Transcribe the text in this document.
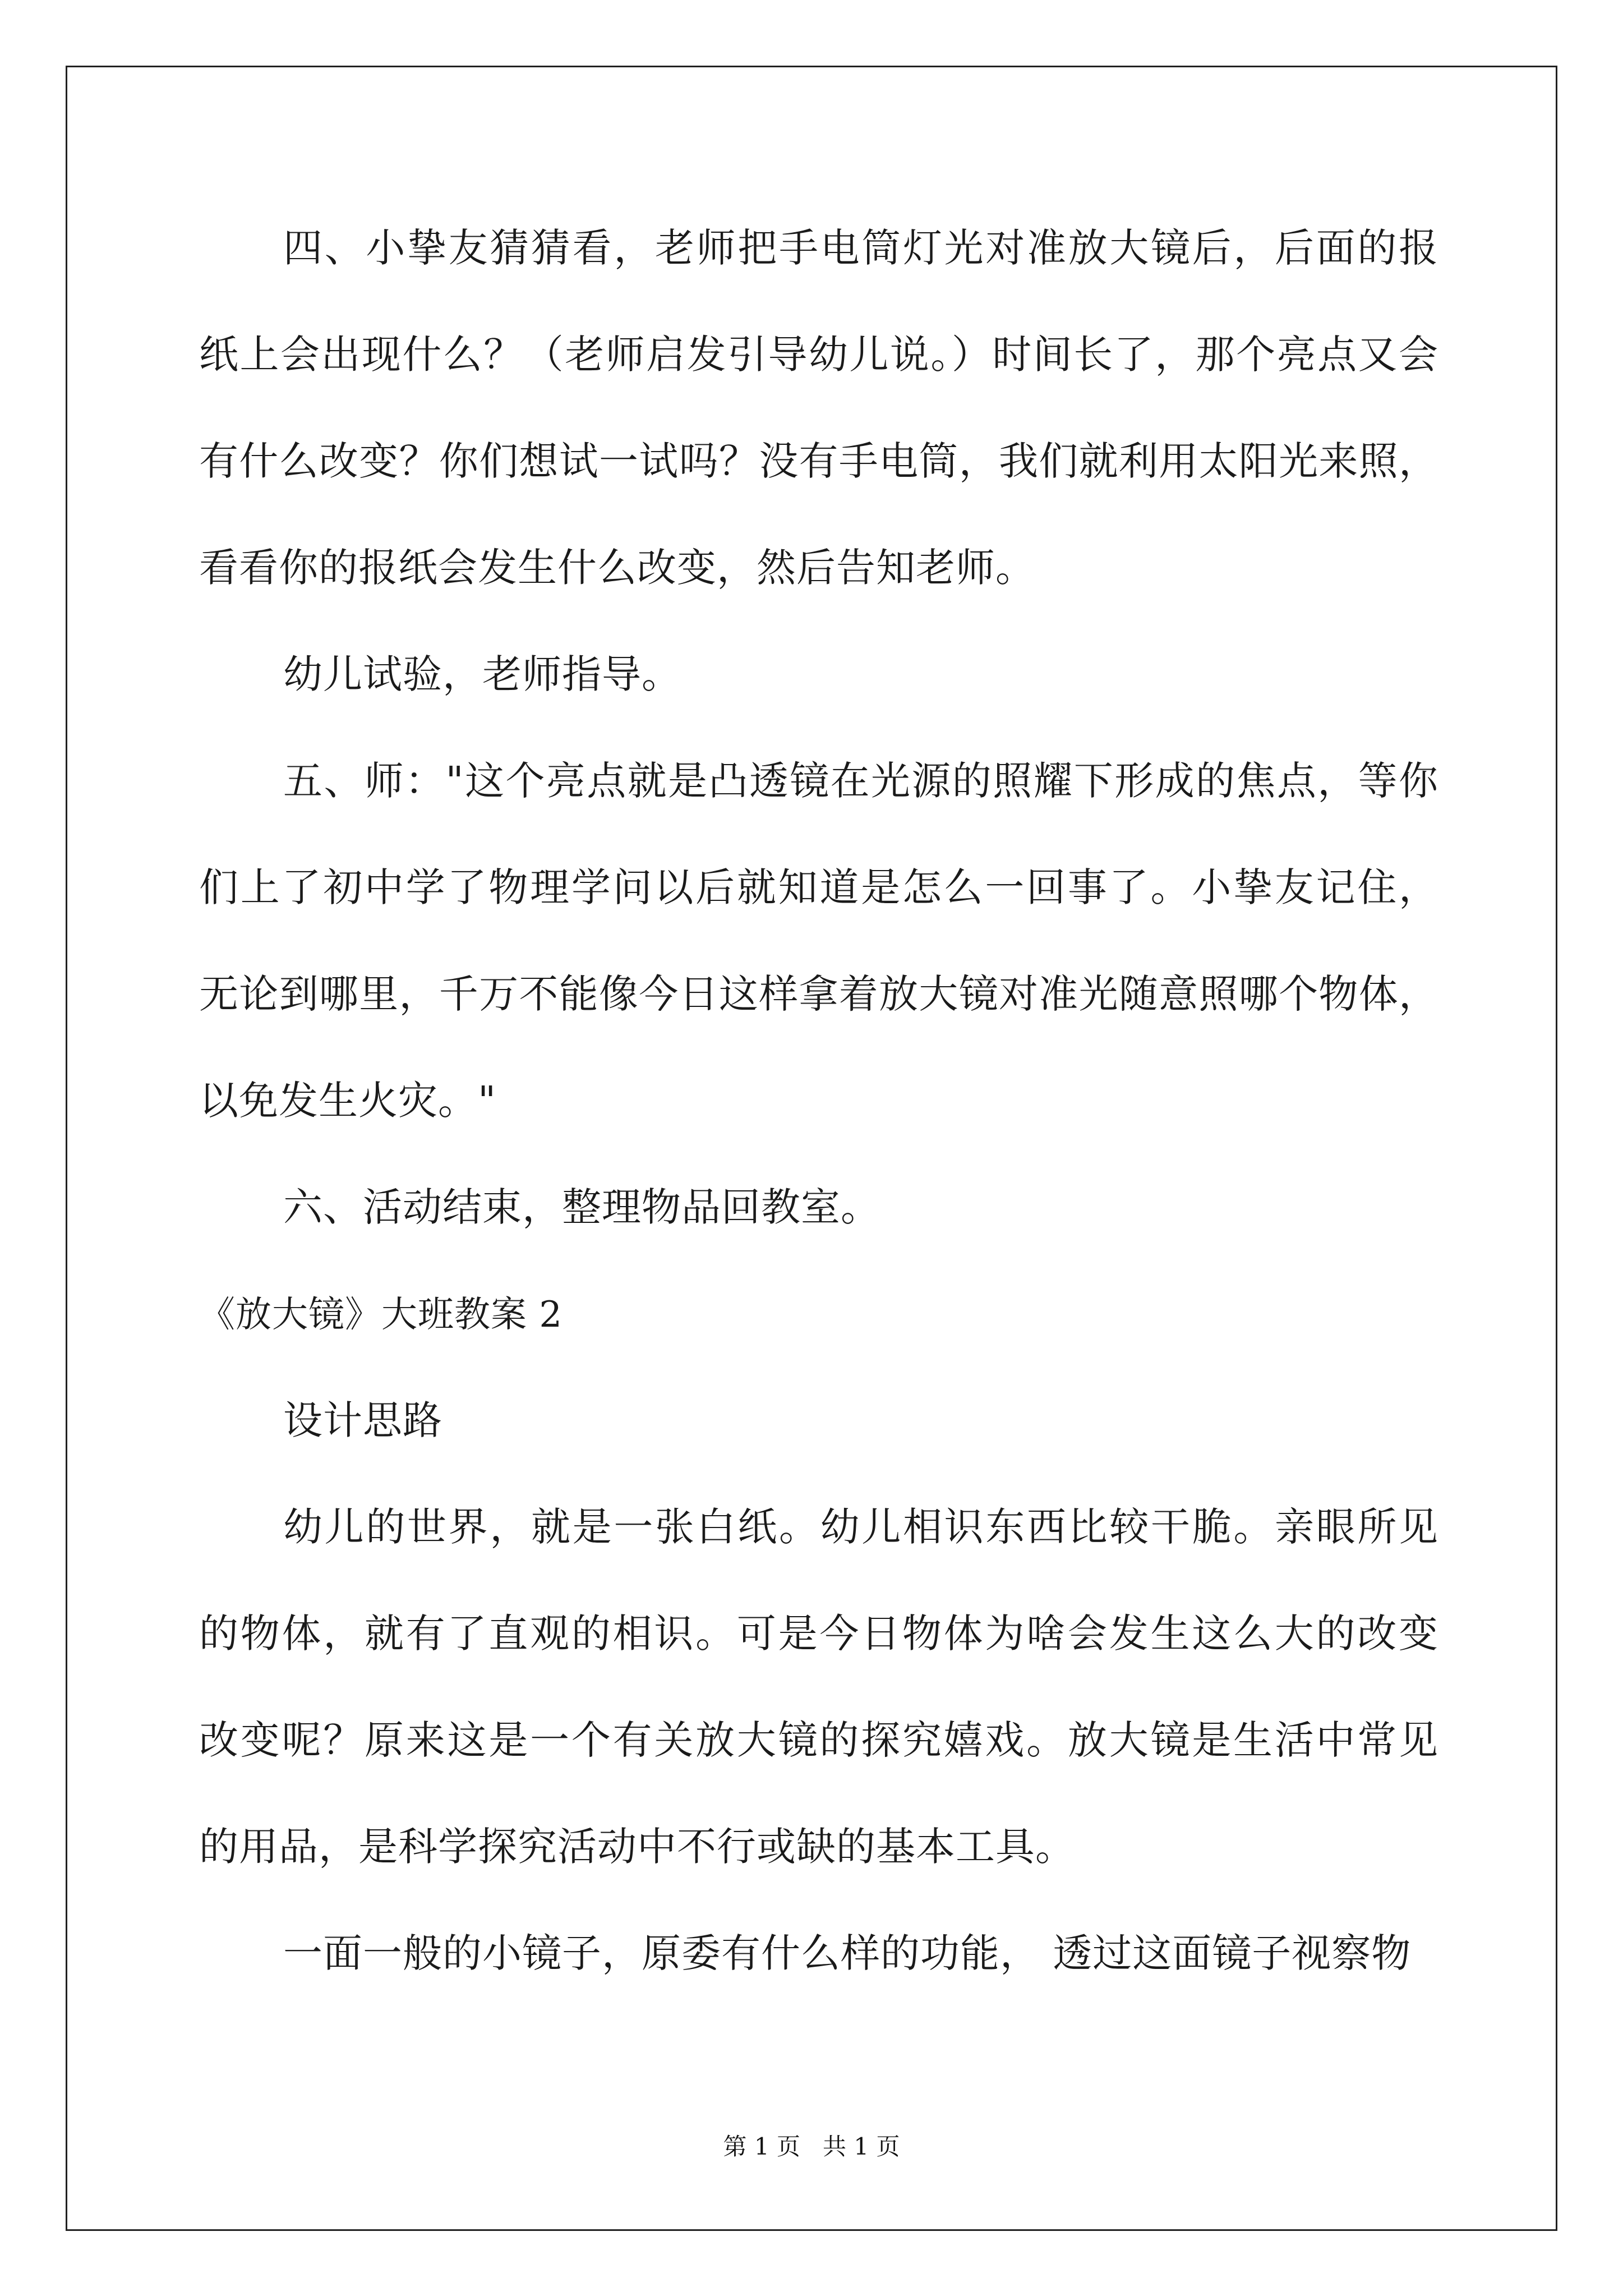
四、小挚友猜猜看，老师把手电筒灯光对准放大镜后，后面的报

纸上会出现什么？（老师启发引导幼儿说。）时间长了，那个亮点又会

有什么改变？你们想试一试吗？没有手电筒，我们就利用太阳光来照，

看看你的报纸会发生什么改变，然后告知老师。

幼儿试验，老师指导。

五、师："这个亮点就是凸透镜在光源的照耀下形成的焦点，等你

们上了初中学了物理学问以后就知道是怎么一回事了。小挚友记住，

无论到哪里，千万不能像今日这样拿着放大镜对准光随意照哪个物体，

以免发生火灾。"

六、活动结束，整理物品回教室。

《放大镜》大班教案 2

设计思路

幼儿的世界，就是一张白纸。幼儿相识东西比较干脆。亲眼所见

的物体，就有了直观的相识。可是今日物体为啥会发生这么大的改变

改变呢？原来这是一个有关放大镜的探究嬉戏。放大镜是生活中常见

的用品，是科学探究活动中不行或缺的基本工具。

一面一般的小镜子，原委有什么样的功能， 透过这面镜子视察物

第 1 页   共 1 页
